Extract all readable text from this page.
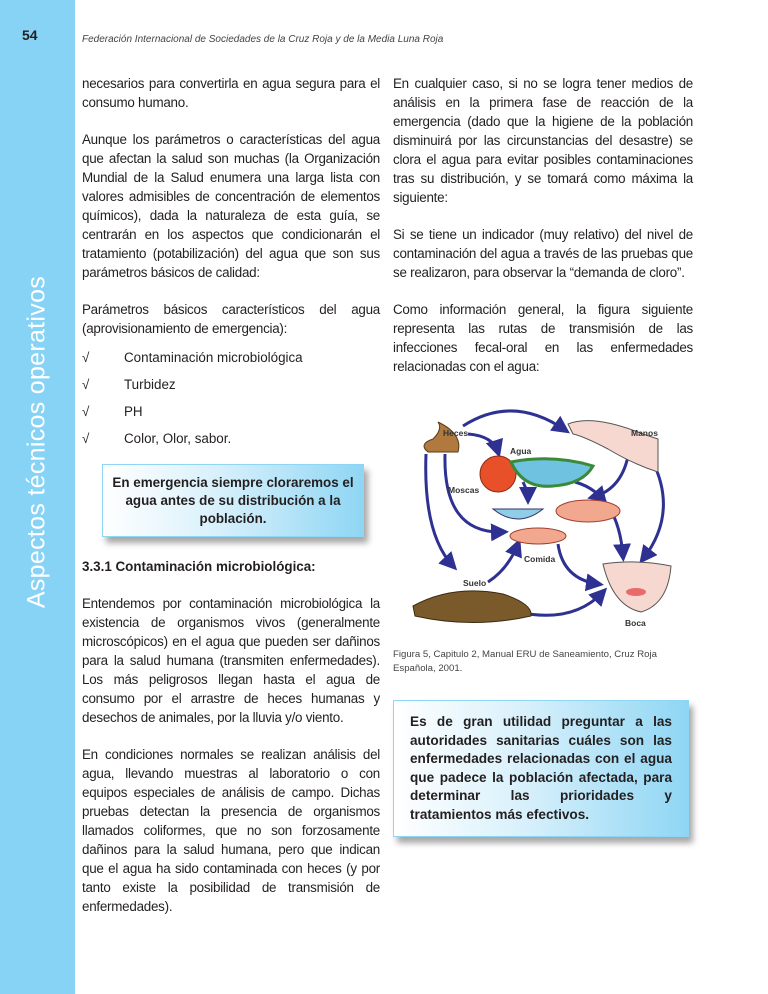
54
Aspectos técnicos operativos
Federación Internacional de Sociedades de la Cruz Roja y de la Media Luna Roja

necesarios para convertirla en agua segura para el consumo humano.

Aunque los parámetros o características del agua que afectan la salud son muchas (la Organización Mundial de la Salud enumera una larga lista con valores admisibles de concentración de elementos químicos), dada la naturaleza de esta guía, se centrarán en los aspectos que condicionarán el tratamiento (potabilización) del agua que son sus parámetros básicos de calidad:

Parámetros básicos característicos del agua (aprovisionamiento de emergencia):

√	Contaminación microbiológica
√	Turbidez
√	PH
√	Color, Olor, sabor.
En emergencia siempre cloraremos el agua antes de su distribución a la población.
3.3.1 Contaminación microbiológica:

Entendemos por contaminación microbiológica la existencia de organismos vivos (generalmente microscópicos) en el agua que pueden ser dañinos para la salud humana (transmiten enfermedades). Los más peligrosos llegan hasta el agua de consumo por el arrastre de heces humanas y desechos de animales, por la lluvia y/o viento.

En condiciones normales se realizan análisis del agua, llevando muestras al laboratorio o con equipos especiales de análisis de campo. Dichas pruebas detectan la presencia de organismos llamados coliformes, que no son forzosamente dañinos para la salud humana, pero que indican que el agua ha sido contaminada con heces (y por tanto existe la posibilidad de transmisión de enfermedades).

En cualquier caso, si no se logra tener medios de análisis en la primera fase de reacción de la emergencia (dado que la higiene de la población disminuirá por las circunstancias del desastre) se clora el agua para evitar posibles contaminaciones tras su distribución, y se tomará como máxima la siguiente:

Si se tiene un indicador (muy relativo) del nivel de contaminación del agua a través de las pruebas que se realizaron, para observar la “demanda de cloro”.

Como información general, la figura siguiente representa las rutas de transmisión de las infecciones fecal-oral en las enfermedades relacionadas con el agua:

Heces	Manos
Agua
Moscas
Comida
Suelo
Boca
Figura 5, Capitulo 2, Manual ERU de Saneamiento, Cruz Roja Española, 2001.
Es de gran utilidad preguntar a las autoridades sanitarias cuáles son las enfermedades relacionadas con el agua que padece la población afectada, para determinar las prioridades y tratamientos más efectivos.
